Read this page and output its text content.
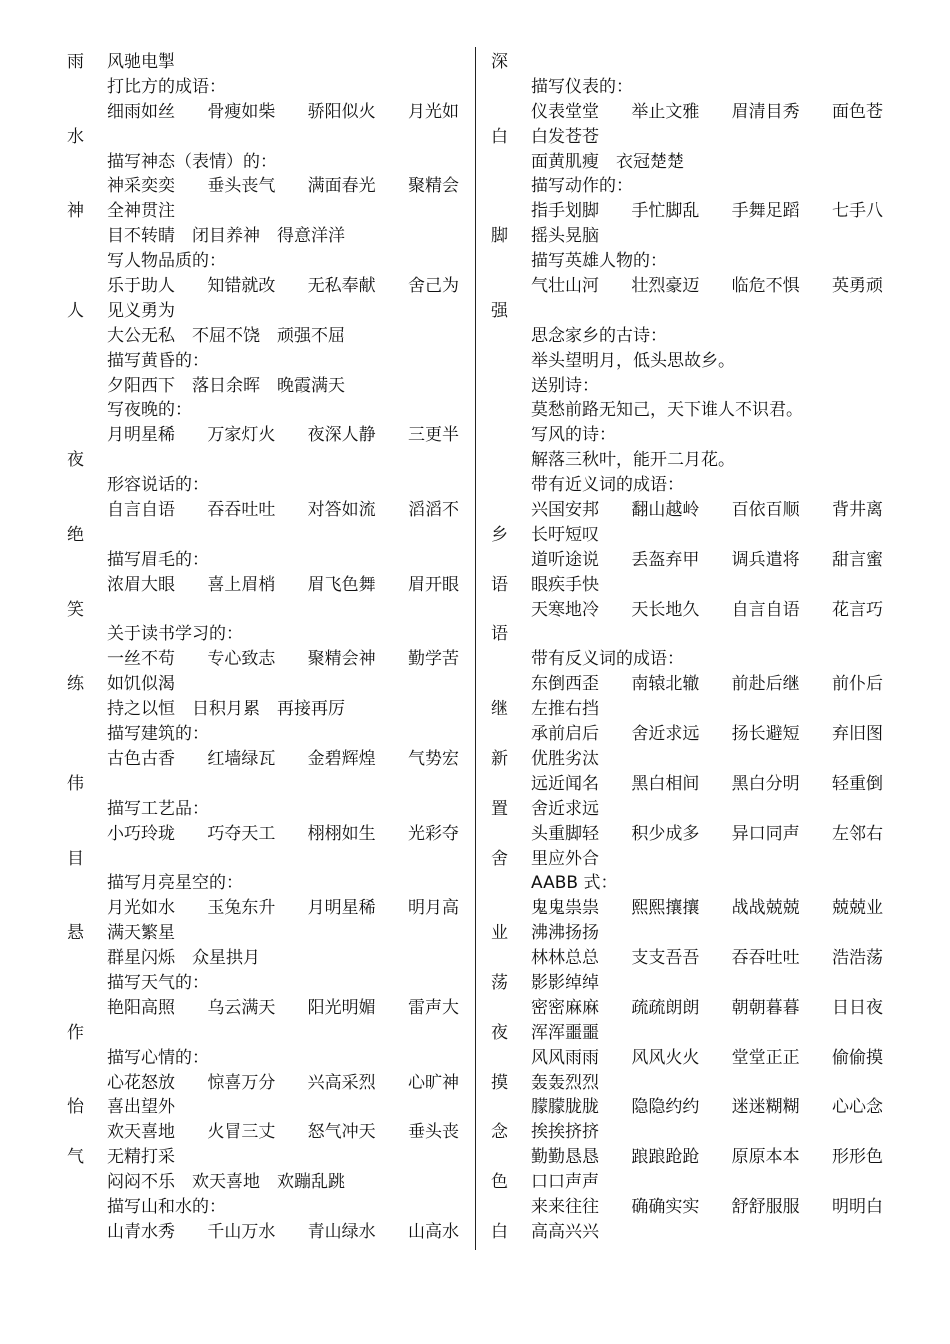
雨 风驰电掣
打比方的成语：
细雨如丝 骨瘦如柴 骄阳似火 月光如
水
描写神态（表情）的：
神采奕奕 垂头丧气 满面春光 聚精会
神 全神贯注
目不转睛　闭目养神　得意洋洋
写人物品质的：
乐于助人 知错就改 无私奉献 舍己为
人 见义勇为
大公无私　不屈不饶　顽强不屈
描写黄昏的：
夕阳西下　落日余晖　晚霞满天
写夜晚的：
月明星稀 万家灯火 夜深人静 三更半
夜
形容说话的：
自言自语 吞吞吐吐 对答如流 滔滔不
绝
描写眉毛的：
浓眉大眼 喜上眉梢 眉飞色舞 眉开眼
笑
关于读书学习的：
一丝不苟 专心致志 聚精会神 勤学苦
练 如饥似渴
持之以恒　日积月累　再接再厉
描写建筑的：
古色古香 红墙绿瓦 金碧辉煌 气势宏
伟
描写工艺品：
小巧玲珑 巧夺天工 栩栩如生 光彩夺
目
描写月亮星空的：
月光如水 玉兔东升 月明星稀 明月高
悬 满天繁星
群星闪烁　众星拱月
描写天气的：
艳阳高照 乌云满天 阳光明媚 雷声大
作
描写心情的：
心花怒放 惊喜万分 兴高采烈 心旷神
怡 喜出望外
欢天喜地 火冒三丈 怒气冲天 垂头丧
气 无精打采
闷闷不乐　欢天喜地　欢蹦乱跳
描写山和水的：
山青水秀 千山万水 青山绿水 山高水
深
描写仪表的：
仪表堂堂 举止文雅 眉清目秀 面色苍
白 白发苍苍
面黄肌瘦　衣冠楚楚
描写动作的：
指手划脚 手忙脚乱 手舞足蹈 七手八
脚 摇头晃脑
描写英雄人物的：
气壮山河 壮烈豪迈 临危不惧 英勇顽
强
思念家乡的古诗：
举头望明月，低头思故乡。
送别诗：
莫愁前路无知己，天下谁人不识君。
写风的诗：
解落三秋叶，能开二月花。
带有近义词的成语：
兴国安邦 翻山越岭 百依百顺 背井离
乡 长吁短叹
道听途说 丢盔弃甲 调兵遣将 甜言蜜
语 眼疾手快
天寒地冷 天长地久 自言自语 花言巧
语
带有反义词的成语：
东倒西歪 南辕北辙 前赴后继 前仆后
继 左推右挡
承前启后 舍近求远 扬长避短 弃旧图
新 优胜劣汰
远近闻名 黑白相间 黑白分明 轻重倒
置 舍近求远
头重脚轻 积少成多 异口同声 左邻右
舍 里应外合
AABB 式：
鬼鬼祟祟 熙熙攘攘 战战兢兢 兢兢业
业 沸沸扬扬
林林总总 支支吾吾 吞吞吐吐 浩浩荡
荡 影影绰绰
密密麻麻 疏疏朗朗 朝朝暮暮 日日夜
夜 浑浑噩噩
风风雨雨 风风火火 堂堂正正 偷偷摸
摸 轰轰烈烈
朦朦胧胧 隐隐约约 迷迷糊糊 心心念
念 挨挨挤挤
勤勤恳恳 踉踉跄跄 原原本本 形形色
色 口口声声
来来往往 确确实实 舒舒服服 明明白
白 高高兴兴
